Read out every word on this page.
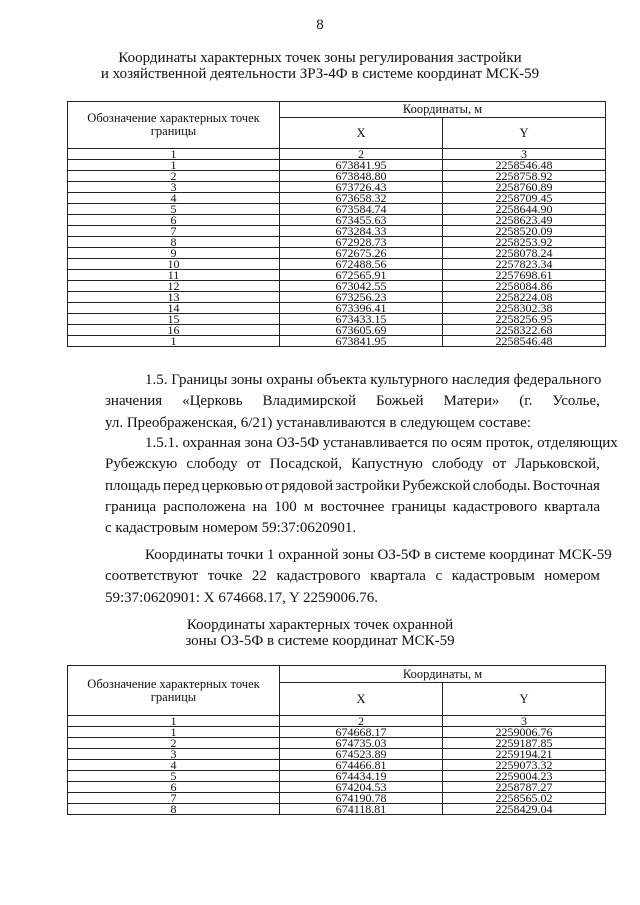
8
Координаты характерных точек зоны регулирования застройки
и хозяйственной деятельности ЗРЗ-4Ф в системе координат МСК-59
Обозначение характерных точек границы	Координаты, м	
	X	Y
1	2	3
1	673841.95	2258546.48
2	673848.80	2258758.92
3	673726.43	2258760.89
4	673658.32	2258709.45
5	673584.74	2258644.90
6	673455.63	2258623.49
7	673284.33	2258520.09
8	672928.73	2258253.92
9	672675.26	2258078.24
10	672488.56	2257823.34
11	672565.91	2257698.61
12	673042.55	2258084.86
13	673256.23	2258224.08
14	673396.41	2258302.38
15	673433.15	2258256.95
16	673605.69	2258322.68
1	673841.95	2258546.48
1.5. Границы зоны охраны объекта культурного наследия федерального
значения «Церковь Владимирской Божьей Матери» (г. Усолье,
ул. Преображенская, 6/21) устанавливаются в следующем составе:
1.5.1. охранная зона ОЗ-5Ф устанавливается по осям проток, отделяющих
Рубежскую слободу от Посадской, Капустную слободу от Ларьковской,
площадь перед церковью от рядовой застройки Рубежской слободы. Восточная
граница расположена на 100 м восточнее границы кадастрового квартала
с кадастровым номером 59:37:0620901.
Координаты точки 1 охранной зоны ОЗ-5Ф в системе координат МСК-59
соответствуют точке 22 кадастрового квартала с кадастровым номером
59:37:0620901: X 674668.17, Y 2259006.76.
Координаты характерных точек охранной
зоны ОЗ-5Ф в системе координат МСК-59
Обозначение характерных точек границы	Координаты, м	
	X	Y
1	2	3
1	674668.17	2259006.76
2	674735.03	2259187.85
3	674523.89	2259194.21
4	674466.81	2259073.32
5	674434.19	2259004.23
6	674204.53	2258787.27
7	674190.78	2258565.02
8	674118.81	2258429.04
